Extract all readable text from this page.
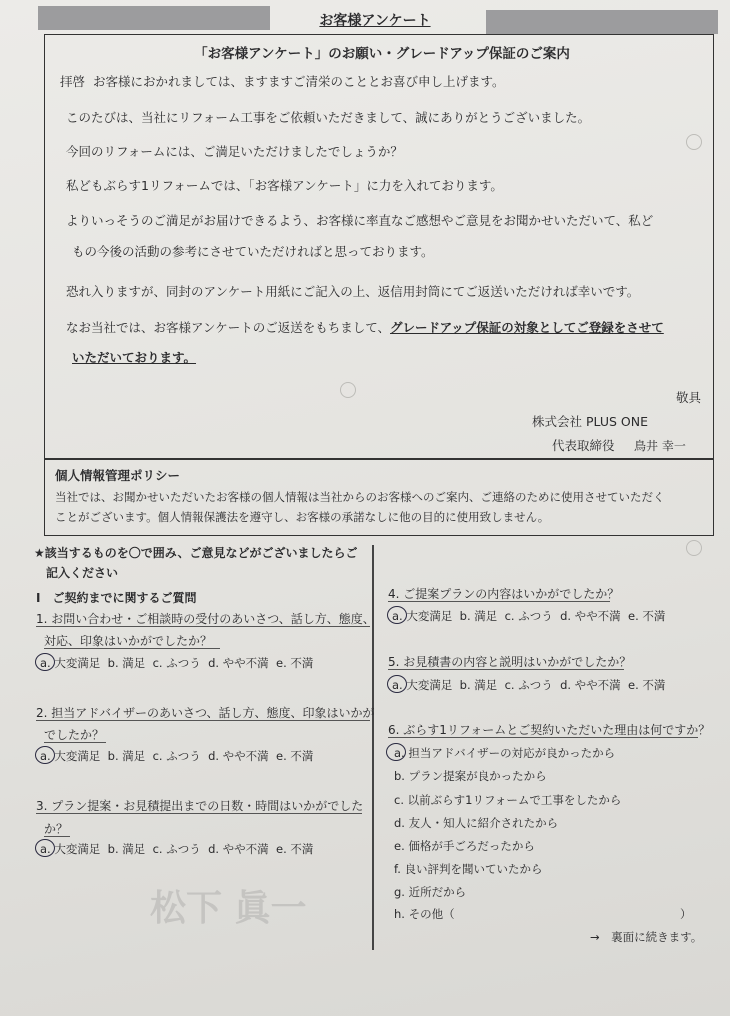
お客様アンケート
「お客様アンケート」のお願い・グレードアップ保証のご案内
拝啓 お客様におかれましては、ますますご清栄のこととお喜び申し上げます。
このたびは、当社にリフォーム工事をご依頼いただきまして、誠にありがとうございました。
今回のリフォームには、ご満足いただけましたでしょうか？
私どもぶらす1リフォームでは、「お客様アンケート」に力を入れております。
よりいっそうのご満足がお届けできるよう、お客様に率直なご感想やご意見をお聞かせいただいて、私ど
もの今後の活動の参考にさせていただければと思っております。
恐れ入りますが、同封のアンケート用紙にご記入の上、返信用封筒にてご返送いただければ幸いです。
なお当社では、お客様アンケートのご返送をもちまして、グレードアップ保証の対象としてご登録をさせて
いただいております。
敬具
株式会社 PLUS ONE
代表取締役 鳥井 幸一
個人情報管理ポリシー
当社では、お聞かせいただいたお客様の個人情報は当社からのお客様へのご案内、ご連絡のために使用させていただく
ことがございます。個人情報保護法を遵守し、お客様の承諾なしに他の目的に使用致しません。
★該当するものを〇で囲み、ご意見などがございましたらご
記入ください
Ⅰ　ご契約までに関するご質問
1. お問い合わせ・ご相談時の受付のあいさつ、話し方、態度、
対応、印象はいかがでしたか？
a. 大変満足 b. 満足 c. ふつう d. やや不満 e. 不満
2. 担当アドバイザーのあいさつ、話し方、態度、印象はいかが
でしたか？
a. 大変満足 b. 満足 c. ふつう d. やや不満 e. 不満
3. プラン提案・お見積提出までの日数・時間はいかがでした
か？
a. 大変満足 b. 満足 c. ふつう d. やや不満 e. 不満
4. ご提案プランの内容はいかがでしたか？
a. 大変満足 b. 満足 c. ふつう d. やや不満 e. 不満
5. お見積書の内容と説明はいかがでしたか？
a. 大変満足 b. 満足 c. ふつう d. やや不満 e. 不満
6. ぶらす1リフォームとご契約いただいた理由は何ですか？
a. 担当アドバイザーの対応が良かったから
b. プラン提案が良かったから
c. 以前ぶらす1リフォームで工事をしたから
d. 友人・知人に紹介されたから
e. 価格が手ごろだったから
f. 良い評判を聞いていたから
g. 近所だから
h. その他（	）
→　裏面に続きます。
松下 眞一
